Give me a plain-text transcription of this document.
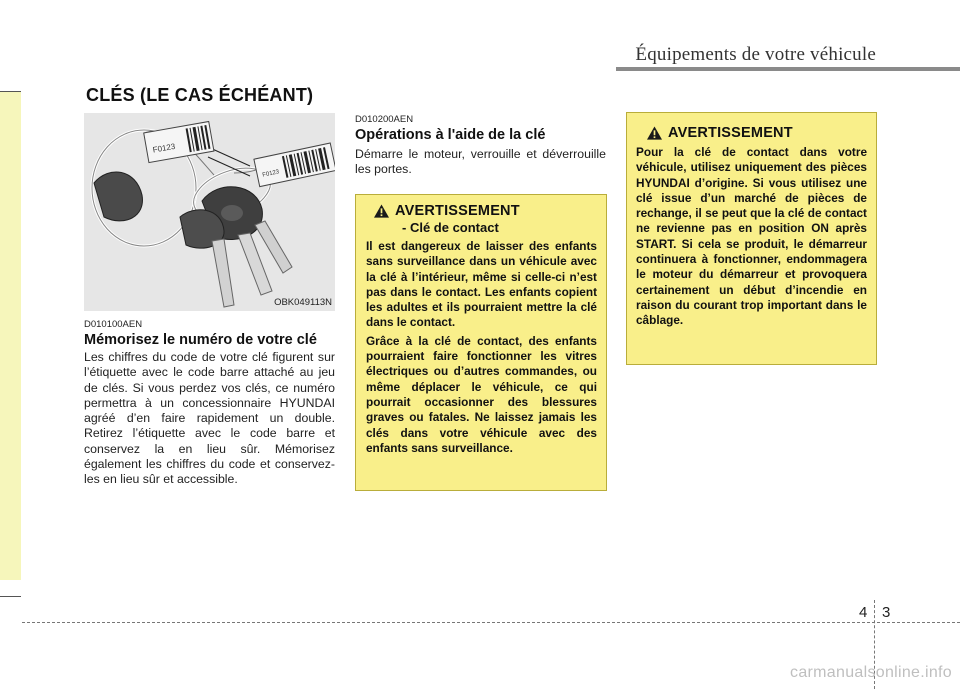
Équipements de votre véhicule
CLÉS (LE CAS ÉCHÉANT)
F0123
F0123
OBK049113N
D010100AEN
Mémorisez le numéro de votre clé

Les chiffres du code de votre clé figurent sur l’étiquette avec le code barre attaché au jeu de clés. Si vous perdez vos clés, ce numéro permettra à un concessionnaire HYUNDAI agréé d’en faire rapidement un double. Retirez l’étiquette avec le code barre et conservez la en lieu sûr. Mémorisez également les chiffres du code et conservez-les en lieu sûr et accessible.

D010200AEN
Opérations à l'aide de la clé

Démarre le moteur, verrouille et déverrouille les portes.

AVERTISSEMENT
- Clé de contact

Il est dangereux de laisser des enfants sans surveillance dans un véhicule avec la clé à l’intérieur, même si celle-ci n’est pas dans le contact. Les enfants copient les adultes et ils pourraient mettre la clé dans le contact.

Grâce à la clé de contact, des enfants pourraient faire fonctionner les vitres électriques ou d’autres commandes, ou même déplacer le véhicule, ce qui pourrait occasionner des blessures graves ou fatales. Ne laissez jamais les clés dans votre véhicule avec des enfants sans surveillance.

AVERTISSEMENT

Pour la clé de contact dans votre véhicule, utilisez uniquement des pièces HYUNDAI d’origine. Si vous utilisez une clé issue d’un marché de pièces de rechange, il se peut que la clé de contact ne revienne pas en position ON après START. Si cela se produit, le démarreur continuera à fonctionner, endommagera le moteur du démarreur et provoquera certainement un début d’incendie en raison du courant trop important dans le câblage.

4 3
carmanualsonline.info
